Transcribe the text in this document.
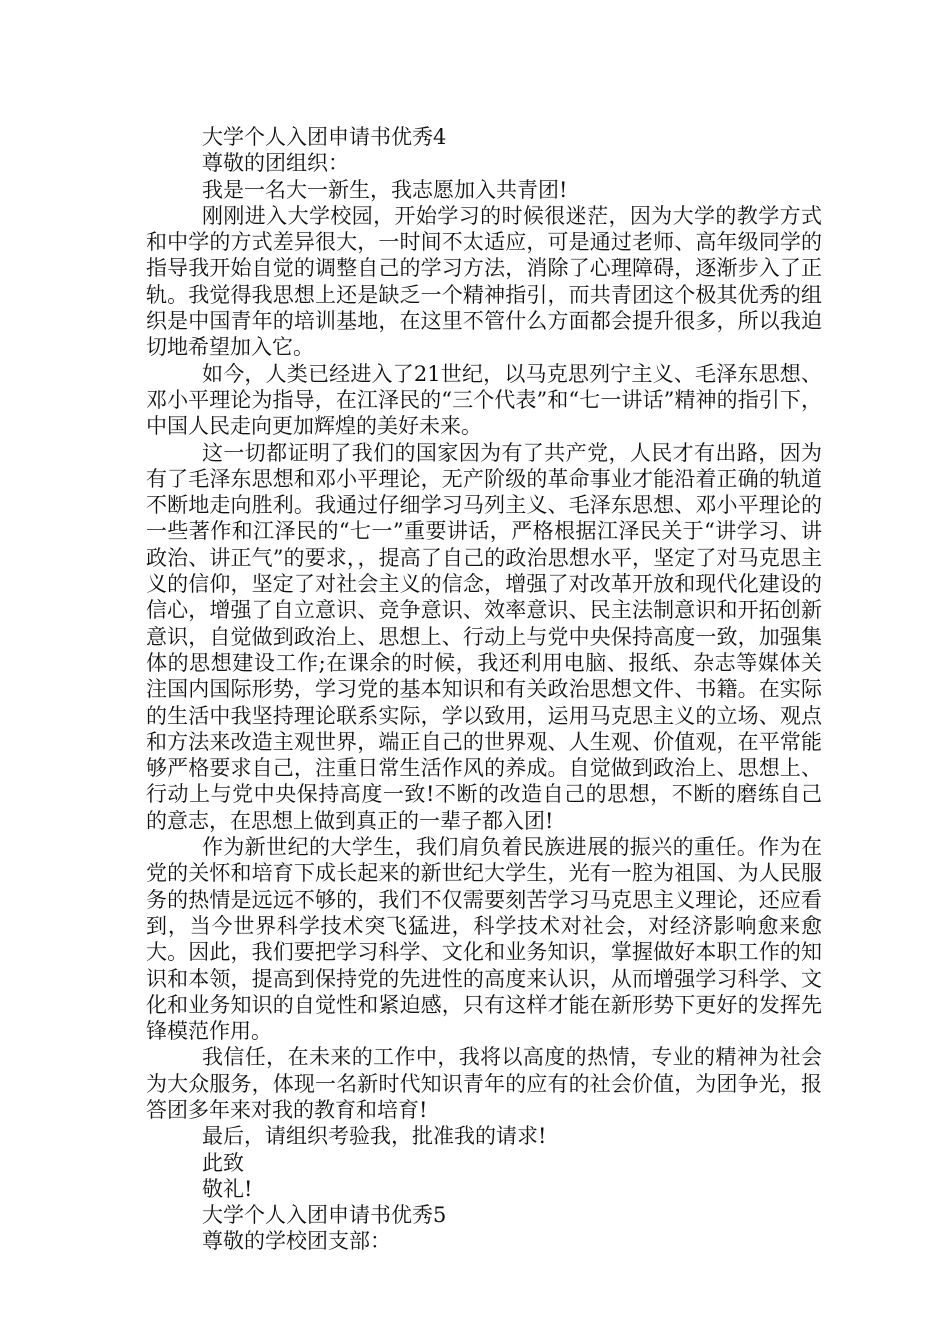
大学个人入团申请书优秀4

尊敬的团组织：

我是一名大一新生，我志愿加入共青团!

刚刚进入大学校园，开始学习的时候很迷茫，因为大学的教学方式和中学的方式差异很大，一时间不太适应，可是通过老师、高年级同学的指导我开始自觉的调整自己的学习方法，消除了心理障碍，逐渐步入了正轨。我觉得我思想上还是缺乏一个精神指引，而共青团这个极其优秀的组织是中国青年的培训基地，在这里不管什么方面都会提升很多，所以我迫切地希望加入它。

如今，人类已经进入了21世纪，以马克思列宁主义、毛泽东思想、邓小平理论为指导，在江泽民的“三个代表”和“七一讲话”精神的指引下，中国人民走向更加辉煌的美好未来。

这一切都证明了我们的国家因为有了共产党，人民才有出路，因为有了毛泽东思想和邓小平理论，无产阶级的革命事业才能沿着正确的轨道不断地走向胜利。我通过仔细学习马列主义、毛泽东思想、邓小平理论的一些著作和江泽民的“七一”重要讲话，严格根据江泽民关于“讲学习、讲政治、讲正气”的要求，，提高了自己的政治思想水平，坚定了对马克思主义的信仰，坚定了对社会主义的信念，增强了对改革开放和现代化建设的信心，增强了自立意识、竞争意识、效率意识、民主法制意识和开拓创新意识，自觉做到政治上、思想上、行动上与党中央保持高度一致，加强集体的思想建设工作;在课余的时候，我还利用电脑、报纸、杂志等媒体关注国内国际形势，学习党的基本知识和有关政治思想文件、书籍。在实际的生活中我坚持理论联系实际，学以致用，运用马克思主义的立场、观点和方法来改造主观世界，端正自己的世界观、人生观、价值观，在平常能够严格要求自己，注重日常生活作风的养成。自觉做到政治上、思想上、行动上与党中央保持高度一致!不断的改造自己的思想，不断的磨练自己的意志，在思想上做到真正的一辈子都入团!

作为新世纪的大学生，我们肩负着民族进展的振兴的重任。作为在党的关怀和培育下成长起来的新世纪大学生，光有一腔为祖国、为人民服务的热情是远远不够的，我们不仅需要刻苦学习马克思主义理论，还应看到，当今世界科学技术突飞猛进，科学技术对社会，对经济影响愈来愈大。因此，我们要把学习科学、文化和业务知识，掌握做好本职工作的知识和本领，提高到保持党的先进性的高度来认识，从而增强学习科学、文化和业务知识的自觉性和紧迫感，只有这样才能在新形势下更好的发挥先锋模范作用。

我信任，在未来的工作中，我将以高度的热情，专业的精神为社会为大众服务，体现一名新时代知识青年的应有的社会价值，为团争光，报答团多年来对我的教育和培育!

最后，请组织考验我，批准我的请求!

此致

敬礼!

大学个人入团申请书优秀5

尊敬的学校团支部：
